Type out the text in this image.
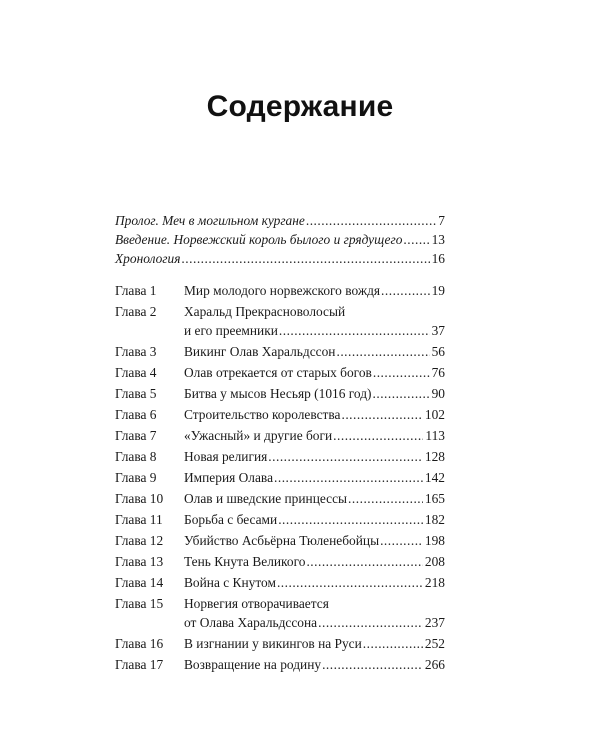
Содержание
Пролог. Меч в могильном кургане .....	7
Введение. Норвежский король былого и грядущего ..... 13
Хронология .....	16
Глава 1	Мир молодого норвежского вождя .....	19
Глава 2	Харальд Прекрасноволосый
и его преемники .....	37
Глава 3	Викинг Олав Харальдссон .....	56
Глава 4	Олав отрекается от старых богов .....	76
Глава 5	Битва у мысов Несьяр (1016 год) .....	90
Глава 6	Строительство королевства .....	102
Глава 7	«Ужасный» и другие боги .....	113
Глава 8	Новая религия .....	128
Глава 9	Империя Олава .....	142
Глава 10	Олав и шведские принцессы .....	165
Глава 11	Борьба с бесами .....	182
Глава 12	Убийство Асбьёрна Тюленебойцы .....	198
Глава 13	Тень Кнута Великого .....	208
Глава 14	Война с Кнутом .....	218
Глава 15	Норвегия отворачивается
от Олава Харальдссона .....	237
Глава 16	В изгнании у викингов на Руси .....	252
Глава 17	Возвращение на родину .....	266
